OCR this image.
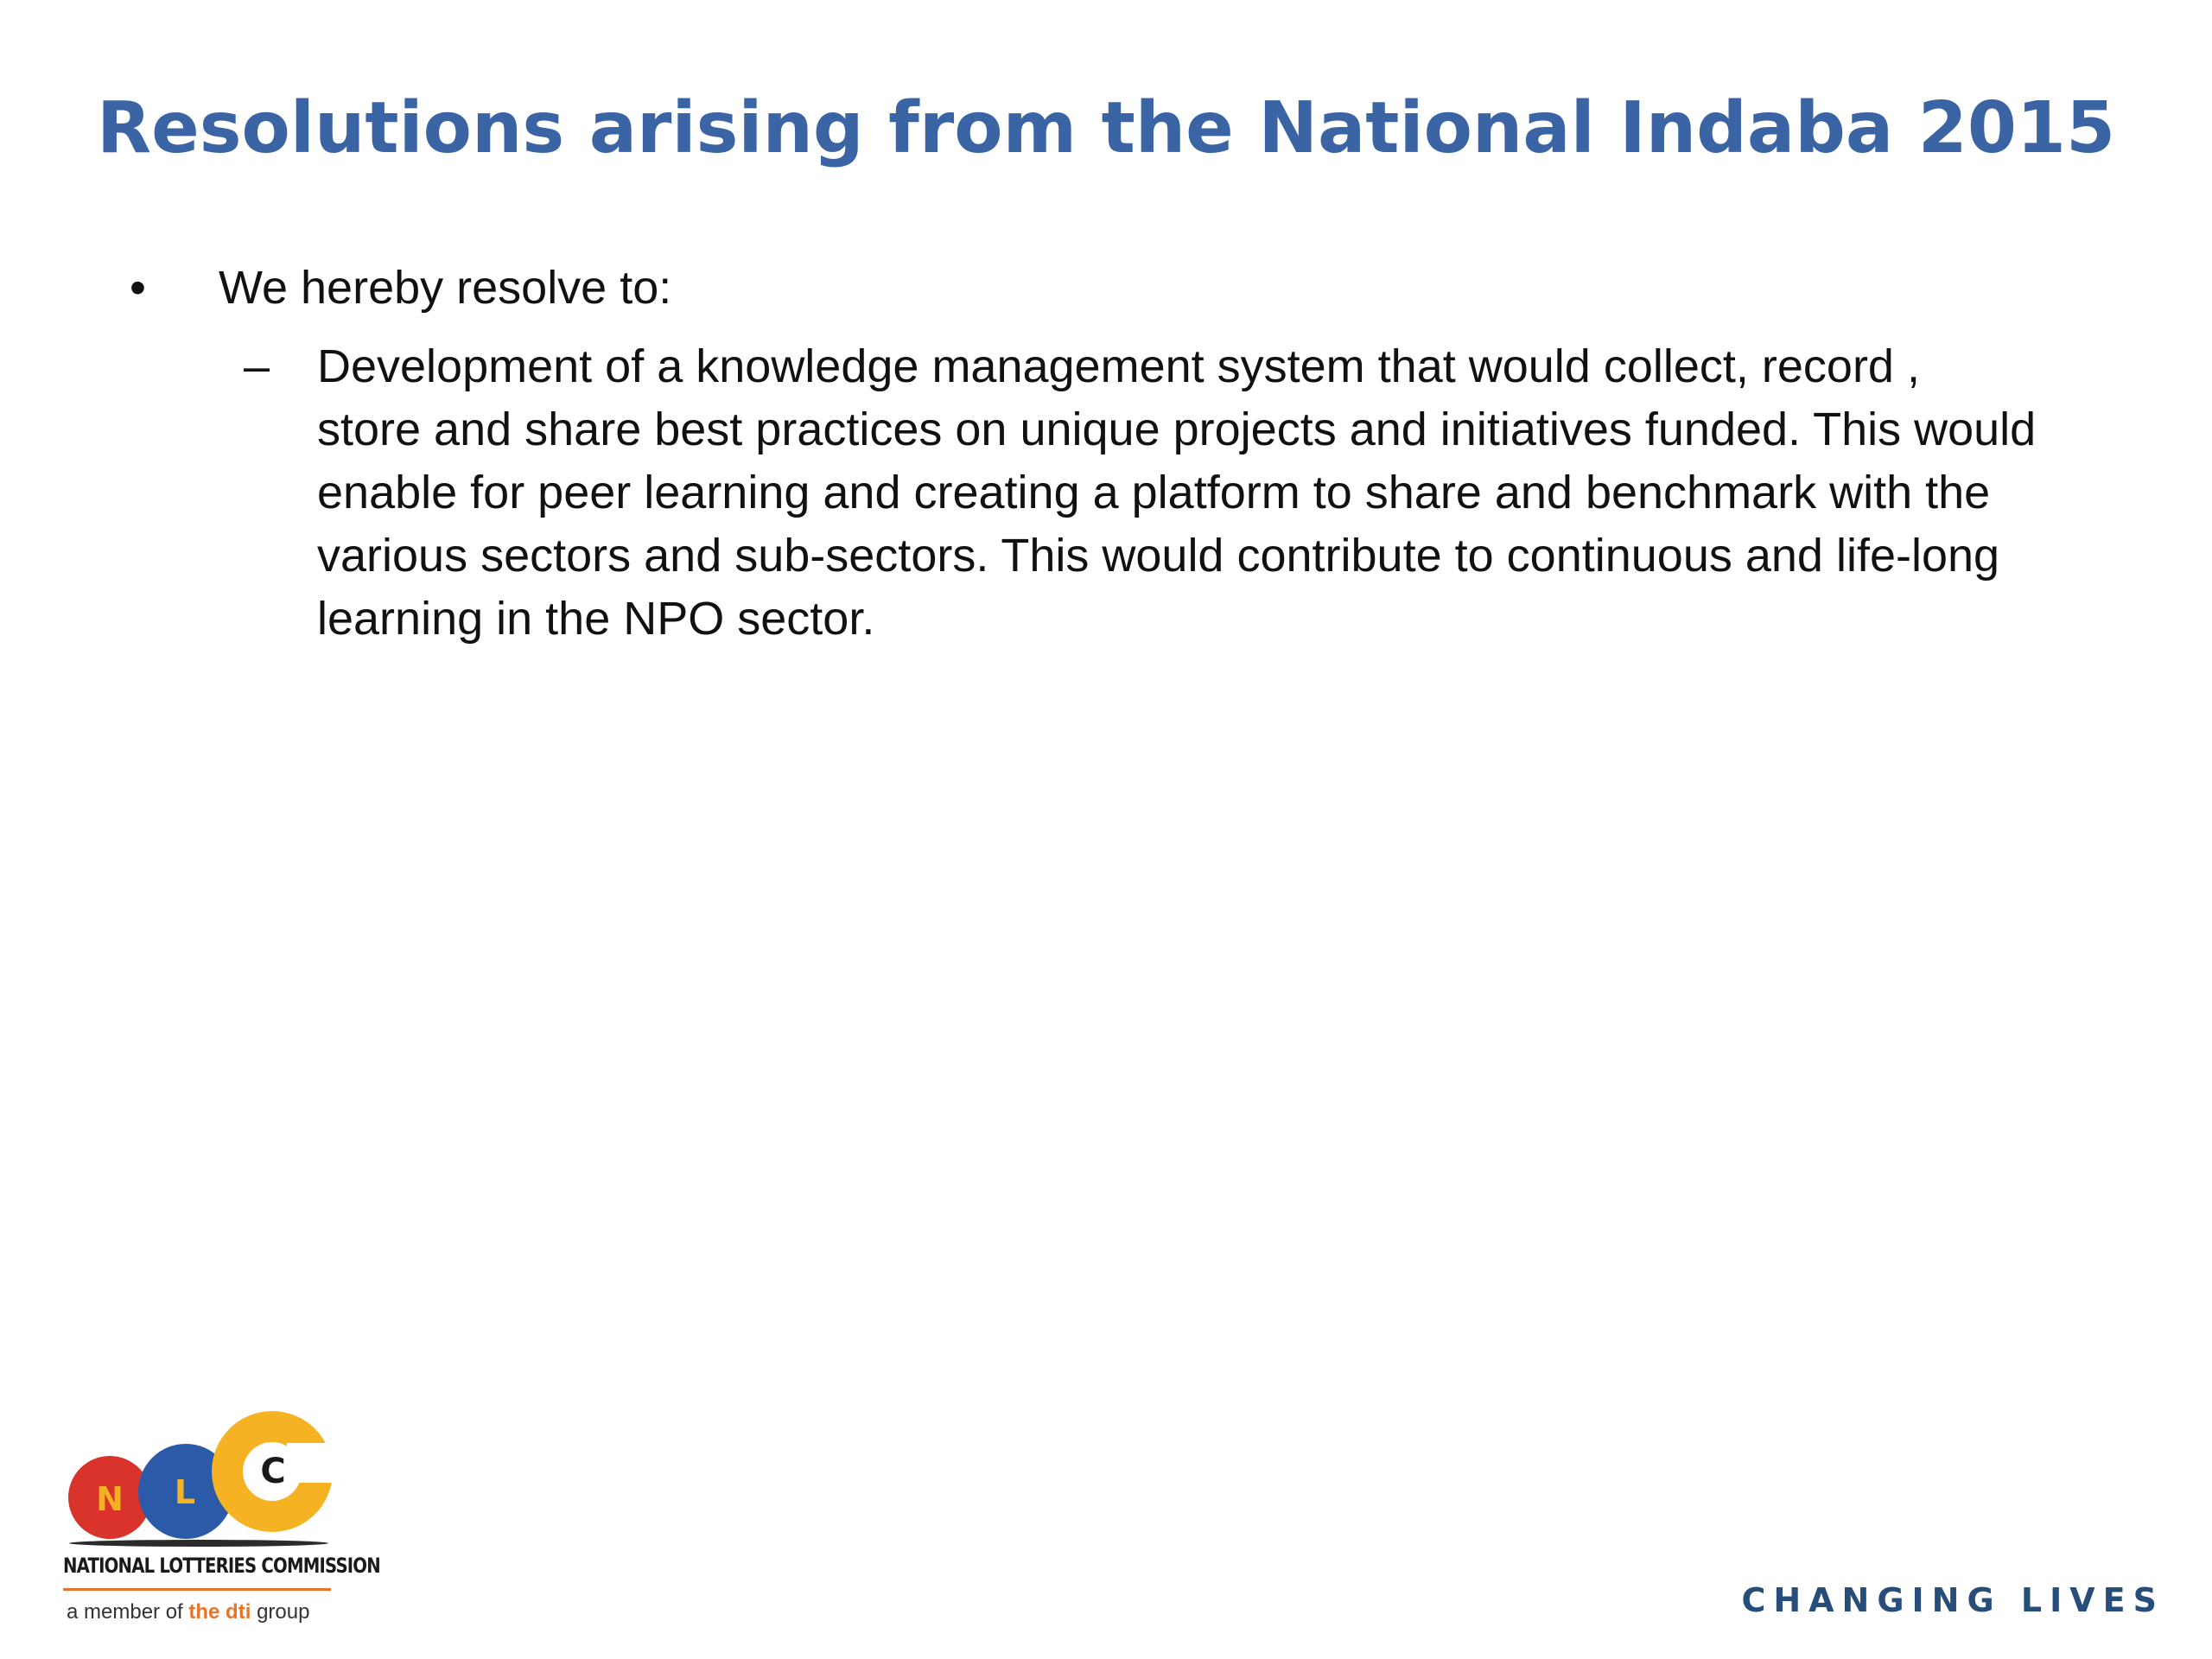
Resolutions arising from the National Indaba 2015
•	We hereby resolve to:
–	Development of a knowledge management system that would collect, record ,
store and share best practices on unique projects and initiatives funded. This would
enable for peer learning and creating a platform to share and benchmark with the
various sectors and sub-sectors. This would contribute to continuous and life-long
learning in the NPO sector.
N L
C
NATIONAL LOTTERIES COMMISSION
a member of the dti group	CHANGING LIVES
